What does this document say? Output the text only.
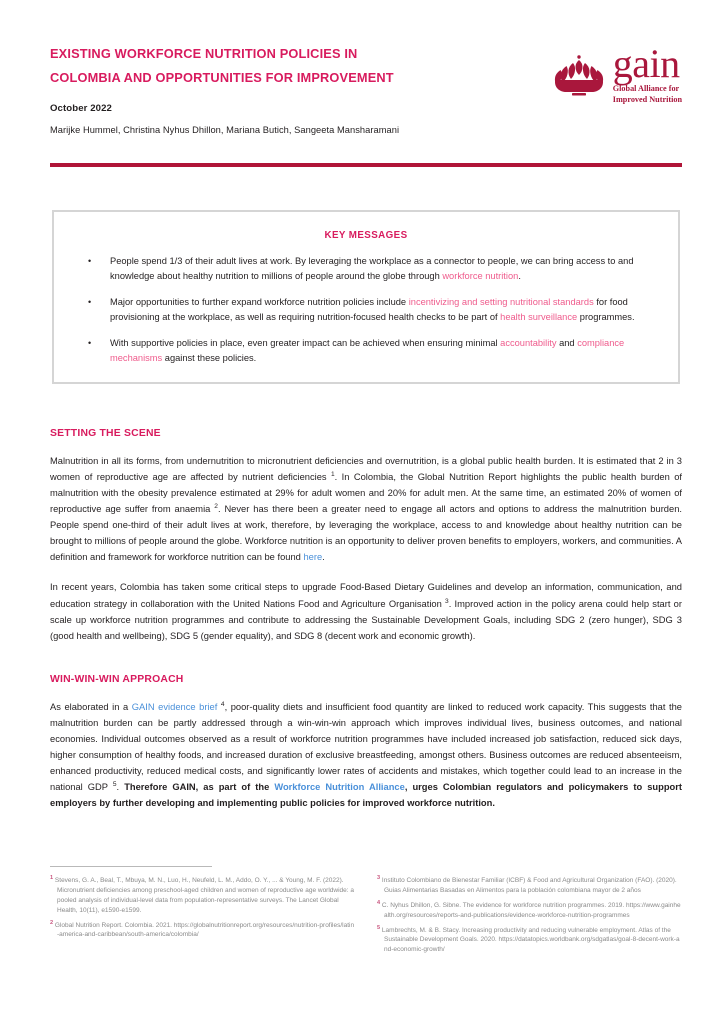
EXISTING WORKFORCE NUTRITION POLICIES IN
COLOMBIA AND OPPORTUNITIES FOR IMPROVEMENT
October 2022
Marijke Hummel, Christina Nyhus Dhillon, Mariana Butich, Sangeeta Mansharamani
gain
Global Alliance for
Improved Nutrition
KEY MESSAGES
• People spend 1/3 of their adult lives at work. By leveraging the workplace as a connector to people, we can bring access to and knowledge about healthy nutrition to millions of people around the globe through workforce nutrition.
• Major opportunities to further expand workforce nutrition policies include incentivizing and setting nutritional standards for food provisioning at the workplace, as well as requiring nutrition-focused health checks to be part of health surveillance programmes.
• With supportive policies in place, even greater impact can be achieved when ensuring minimal accountability and compliance mechanisms against these policies.
SETTING THE SCENE

Malnutrition in all its forms, from undernutrition to micronutrient deficiencies and overnutrition, is a global public health burden. It is estimated that 2 in 3 women of reproductive age are affected by nutrient deficiencies $^1$. In Colombia, the Global Nutrition Report highlights the public health burden of malnutrition with the obesity prevalence estimated at 29% for adult women and 20% for adult men. At the same time, an estimated 20% of women of reproductive age suffer from anaemia $^2$. Never has there been a greater need to engage all actors and options to address the malnutrition burden. People spend one-third of their adult lives at work, therefore, by leveraging the workplace, access to and knowledge about healthy nutrition can be brought to millions of people around the globe. Workforce nutrition is an opportunity to deliver proven benefits to employers, workers, and communities. A definition and framework for workforce nutrition can be found here.

In recent years, Colombia has taken some critical steps to upgrade Food-Based Dietary Guidelines and develop an information, communication, and education strategy in collaboration with the United Nations Food and Agriculture Organisation $^3$. Improved action in the policy arena could help start or scale up workforce nutrition programmes and contribute to addressing the Sustainable Development Goals, including SDG 2 (zero hunger), SDG 3 (good health and wellbeing), SDG 5 (gender equality), and SDG 8 (decent work and economic growth).

WIN-WIN-WIN APPROACH

As elaborated in a GAIN evidence brief $^4$, poor-quality diets and insufficient food quantity are linked to reduced work capacity. This suggests that the malnutrition burden can be partly addressed through a win-win-win approach which improves individual lives, business outcomes, and national economies. Individual outcomes observed as a result of workforce nutrition programmes have included increased job satisfaction, reduced sick days, higher consumption of healthy foods, and increased duration of exclusive breastfeeding, amongst others. Business outcomes are reduced absenteeism, enhanced productivity, reduced medical costs, and significantly lower rates of accidents and mistakes, which together could lead to an increase in the national GDP $^5$. Therefore GAIN, as part of the Workforce Nutrition Alliance, urges Colombian regulators and policymakers to support employers by further developing and implementing public policies for improved workforce nutrition.

1 Stevens, G. A., Beal, T., Mbuya, M. N., Luo, H., Neufeld, L. M., Addo, O. Y., ... & Young, M. F. (2022). Micronutrient deficiencies among preschool-aged children and women of reproductive age worldwide: a pooled analysis of individual-level data from population-representative surveys. The Lancet Global Health, 10(11), e1590-e1599.
2 Global Nutrition Report. Colombia. 2021. https://globalnutritionreport.org/resources/nutrition-profiles/latin-america-and-caribbean/south-america/colombia/
3 Instituto Colombiano de Bienestar Familiar (ICBF) & Food and Agricultural Organization (FAO). (2020). Guias Alimentarias Basadas en Alimentos para la población colombiana mayor de 2 años
4 C. Nyhus Dhillon, G. Sibne. The evidence for workforce nutrition programmes. 2019. https://www.gainhealth.org/resources/reports-and-publications/evidence-workforce-nutrition-programmes
5 Lambrechts, M. & B. Stacy. Increasing productivity and reducing vulnerable employment. Atlas of the Sustainable Development Goals. 2020. https://datatopics.worldbank.org/sdgatlas/goal-8-decent-work-and-economic-growth/
